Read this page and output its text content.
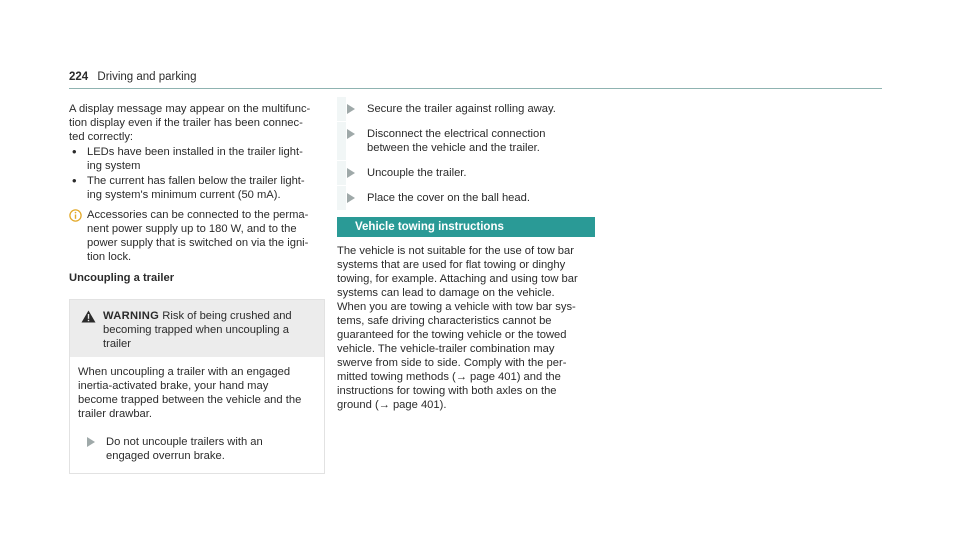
224 Driving and parking

A display message may appear on the multifunc-
tion display even if the trailer has been connec-
ted correctly:

• LEDs have been installed in the trailer light-
ing system
• The current has fallen below the trailer light-
ing system's minimum current (50 mA).

Accessories can be connected to the perma-
nent power supply up to 180 W, and to the
power supply that is switched on via the igni-
tion lock.

Uncoupling a trailer

WARNING Risk of being crushed and
becoming trapped when uncoupling a
trailer

When uncoupling a trailer with an engaged
inertia-activated brake, your hand may
become trapped between the vehicle and the
trailer drawbar.

Do not uncouple trailers with an
engaged overrun brake.

Secure the trailer against rolling away.

Disconnect the electrical connection
between the vehicle and the trailer.

Uncouple the trailer.

Place the cover on the ball head.

Vehicle towing instructions

The vehicle is not suitable for the use of tow bar
systems that are used for flat towing or dinghy
towing, for example. Attaching and using tow bar
systems can lead to damage on the vehicle.
When you are towing a vehicle with tow bar sys-
tems, safe driving characteristics cannot be
guaranteed for the towing vehicle or the towed
vehicle. The vehicle-trailer combination may
swerve from side to side. Comply with the per-
mitted towing methods (→ page 401) and the
instructions for towing with both axles on the
ground (→ page 401).
